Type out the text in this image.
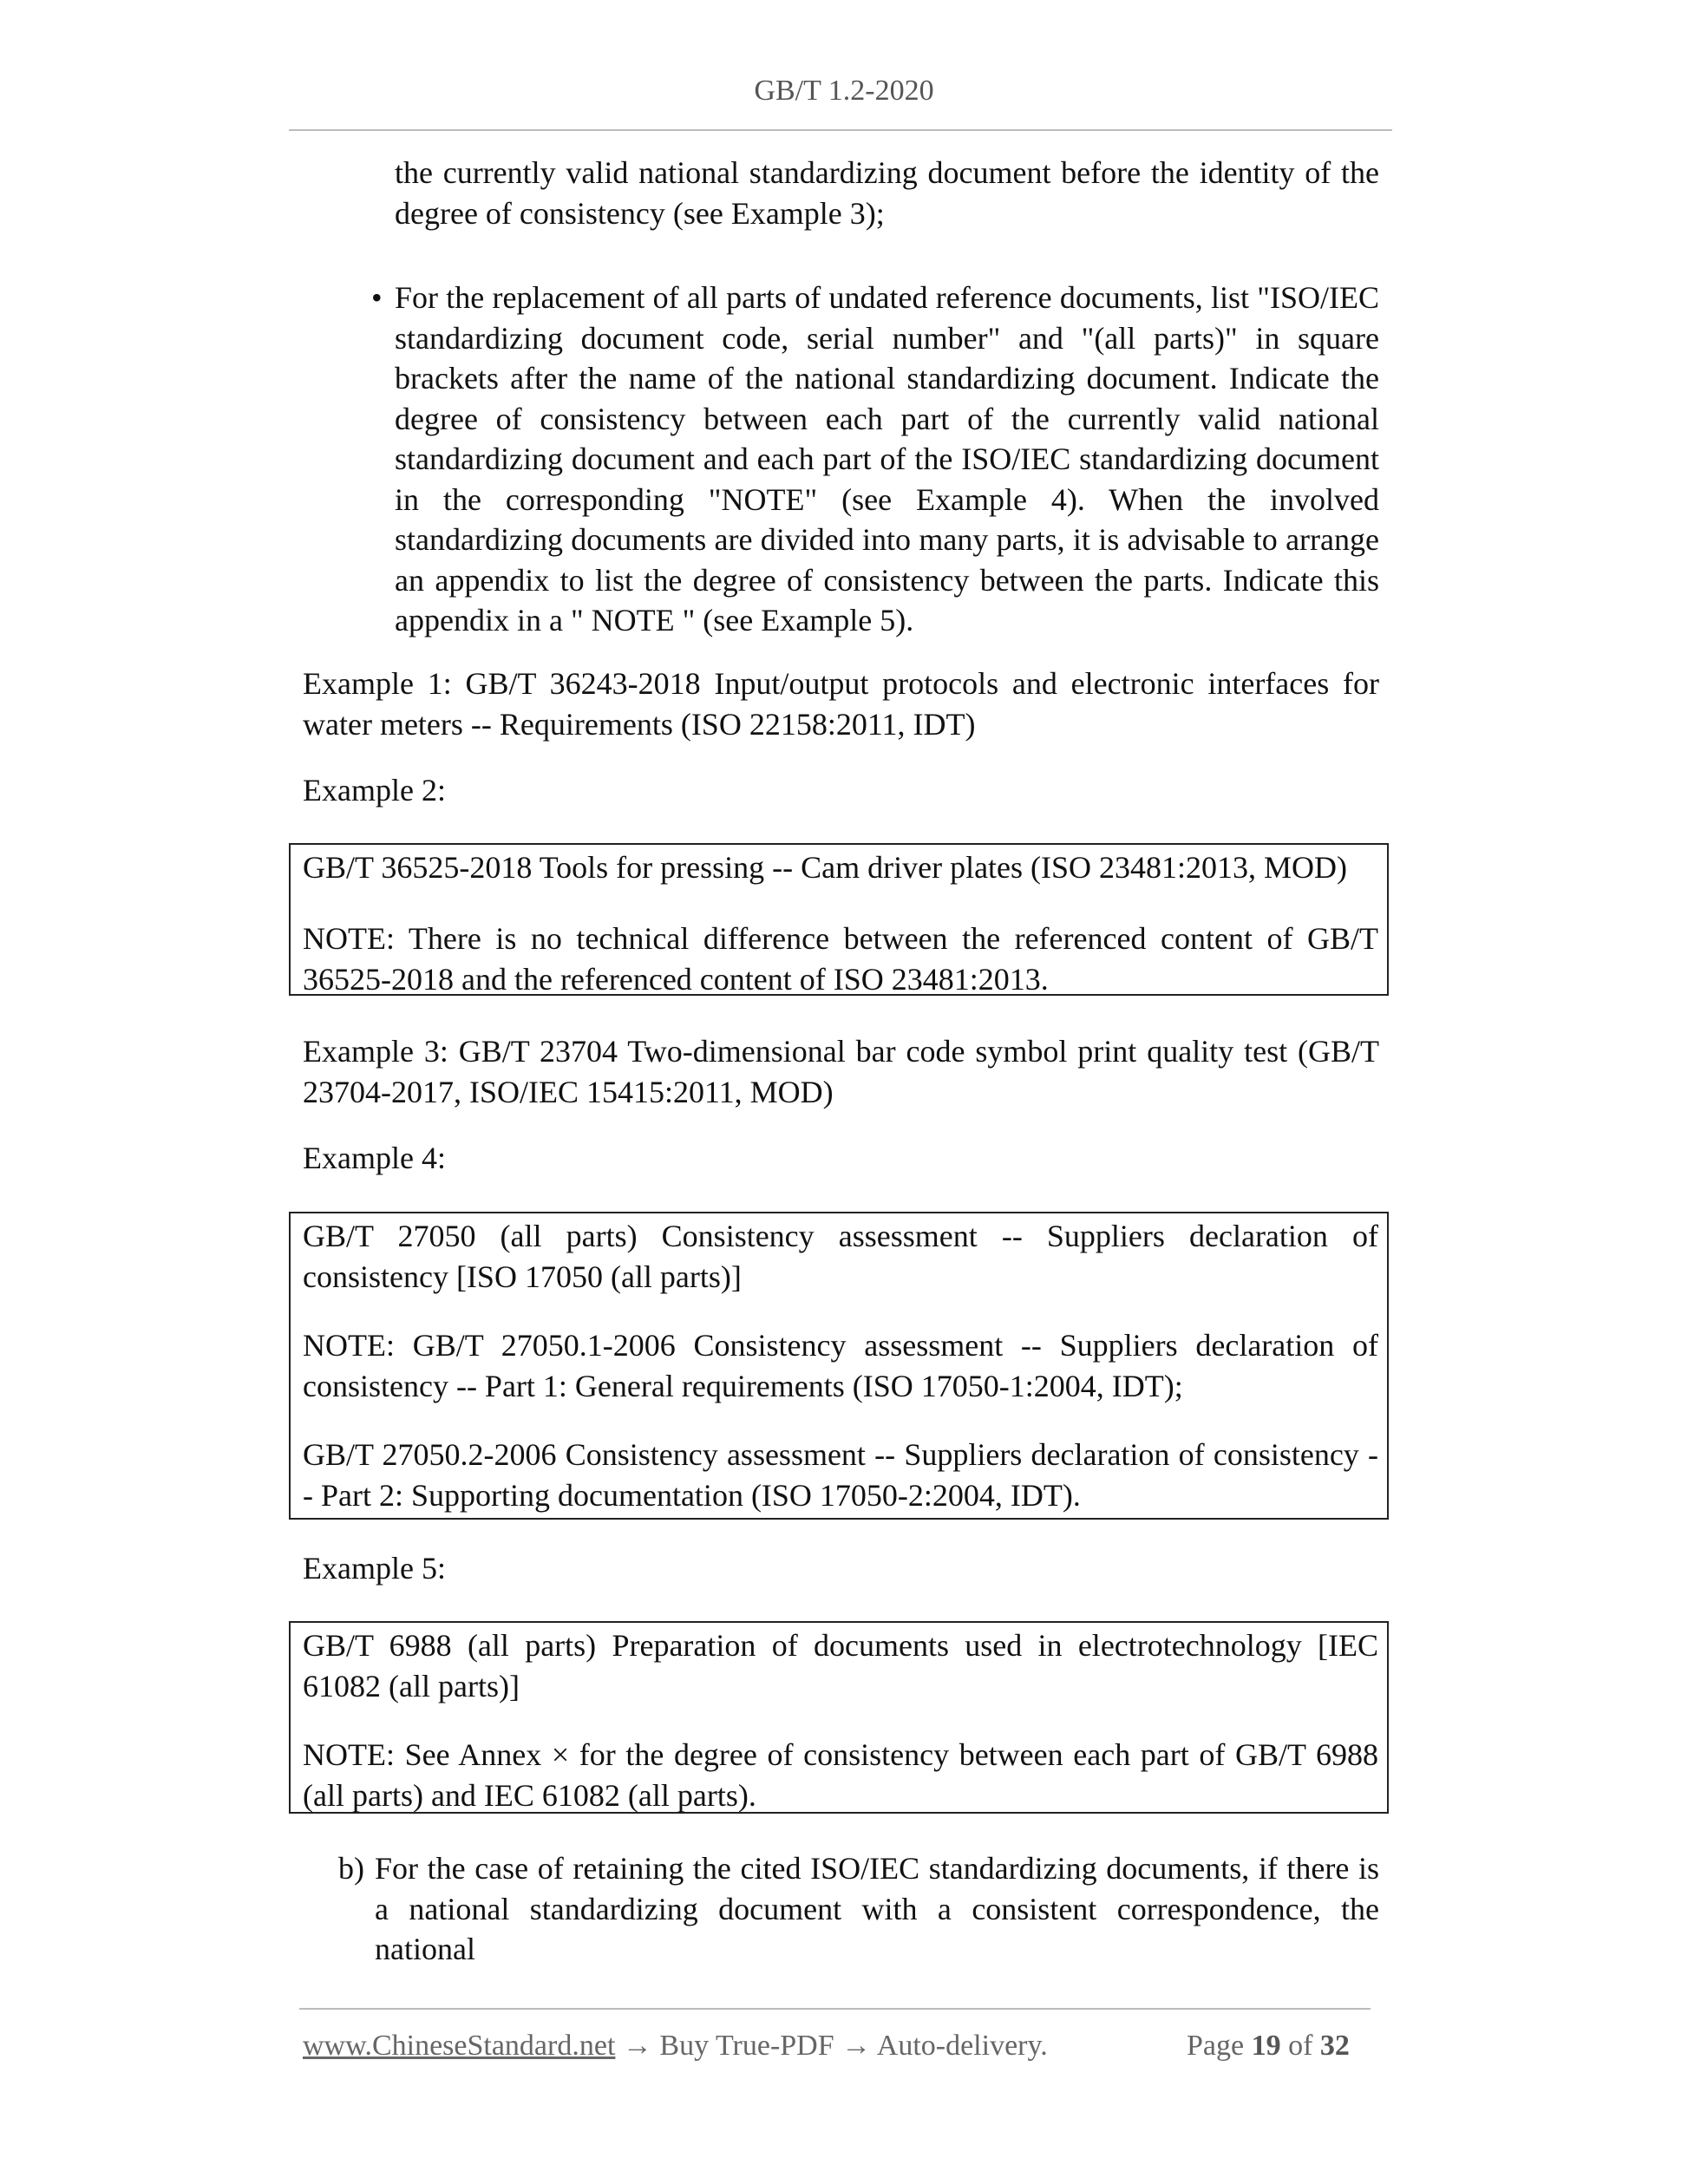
GB/T 1.2-2020

the currently valid national standardizing document before the identity of the degree of consistency (see Example 3);

• For the replacement of all parts of undated reference documents, list "ISO/IEC standardizing document code, serial number" and "(all parts)" in square brackets after the name of the national standardizing document. Indicate the degree of consistency between each part of the currently valid national standardizing document and each part of the ISO/IEC standardizing document in the corresponding "NOTE" (see Example 4). When the involved standardizing documents are divided into many parts, it is advisable to arrange an appendix to list the degree of consistency between the parts. Indicate this appendix in a " NOTE " (see Example 5).

Example 1: GB/T 36243-2018 Input/output protocols and electronic interfaces for water meters -- Requirements (ISO 22158:2011, IDT)

Example 2:

GB/T 36525-2018 Tools for pressing -- Cam driver plates (ISO 23481:2013, MOD)

NOTE: There is no technical difference between the referenced content of GB/T 36525-2018 and the referenced content of ISO 23481:2013.

Example 3: GB/T 23704 Two-dimensional bar code symbol print quality test (GB/T 23704-2017, ISO/IEC 15415:2011, MOD)

Example 4:

GB/T 27050 (all parts) Consistency assessment -- Suppliers declaration of consistency [ISO 17050 (all parts)]

NOTE: GB/T 27050.1-2006 Consistency assessment -- Suppliers declaration of consistency -- Part 1: General requirements (ISO 17050-1:2004, IDT);

GB/T 27050.2-2006 Consistency assessment -- Suppliers declaration of consistency -- Part 2: Supporting documentation (ISO 17050-2:2004, IDT).

Example 5:

GB/T 6988 (all parts) Preparation of documents used in electrotechnology [IEC 61082 (all parts)]

NOTE: See Annex × for the degree of consistency between each part of GB/T 6988 (all parts) and IEC 61082 (all parts).

b) For the case of retaining the cited ISO/IEC standardizing documents, if there is a national standardizing document with a consistent correspondence, the national

www.ChineseStandard.net → Buy True-PDF → Auto-delivery.	Page 19 of 32
